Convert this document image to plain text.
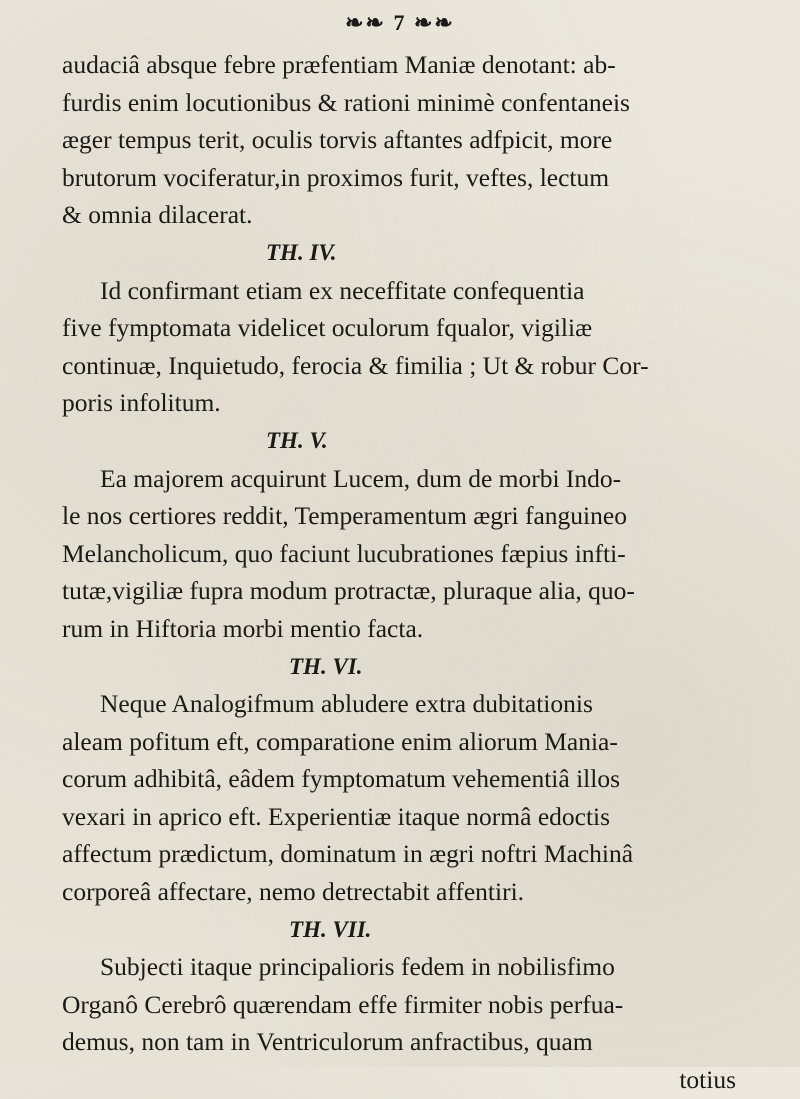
❧❧ 7 ❧❧
audaciâ absque febre præfentiam Maniæ denotant: ab-
furdis enim locutionibus & rationi minimè confentaneis
æger tempus terit, oculis torvis aftantes adfpicit, more
brutorum vociferatur,in proximos furit, veftes, lectum
& omnia dilacerat.
TH. IV.
Id confirmant etiam ex neceffitate confequentia
five fymptomata videlicet oculorum fqualor, vigiliæ
continuæ, Inquietudo, ferocia & fimilia ; Ut & robur Cor-
poris infolitum.
TH. V.
Ea majorem acquirunt Lucem, dum de morbi Indo-
le nos certiores reddit, Temperamentum ægri fanguineo
Melancholicum, quo faciunt lucubrationes fæpius infti-
tutæ,vigiliæ fupra modum protractæ, pluraque alia, quo-
rum in Hiftoria morbi mentio facta.
TH. VI.
Neque Analogifmum abludere extra dubitationis
aleam pofitum eft, comparatione enim aliorum Mania-
corum adhibitâ, eâdem fymptomatum vehementiâ illos
vexari in aprico eft. Experientiæ itaque normâ edoctis
affectum prædictum, dominatum in ægri noftri Machinâ
corporeâ affectare, nemo detrectabit affentiri.
TH. VII.
Subjecti itaque principalioris fedem in nobilisfimo
Organô Cerebrô quærendam effe firmiter nobis perfua-
demus, non tam in Ventriculorum anfractibus, quam
totius
